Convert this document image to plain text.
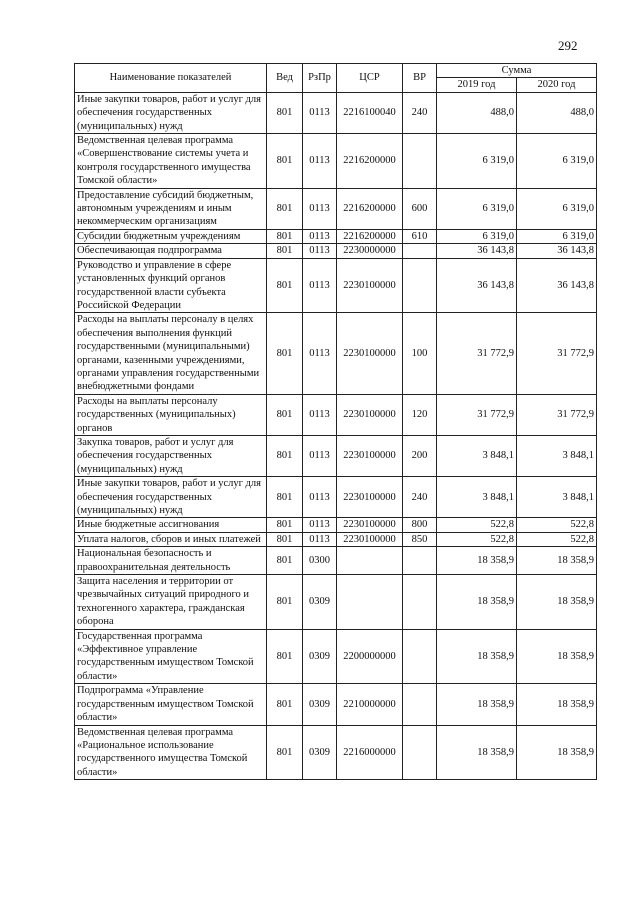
292
Наименование показателей	Вед	РзПр	ЦСР	ВР	Сумма	
					2019 год	2020 год
Иные закупки товаров, работ и услуг для обеспечения государственных (муниципальных) нужд	801	0113	2216100040	240	488,0	488,0
Ведомственная целевая программа «Совершенствование системы учета и контроля государственного имущества Томской области»	801	0113	2216200000		6 319,0	6 319,0
Предоставление субсидий бюджетным, автономным учреждениям и иным некоммерческим организациям	801	0113	2216200000	600	6 319,0	6 319,0
Субсидии бюджетным учреждениям	801	0113	2216200000	610	6 319,0	6 319,0
Обеспечивающая подпрограмма	801	0113	2230000000		36 143,8	36 143,8
Руководство и управление в сфере установленных функций органов государственной власти субъекта Российской Федерации	801	0113	2230100000		36 143,8	36 143,8
Расходы на выплаты персоналу в целях обеспечения выполнения функций государственными (муниципальными) органами, казенными учреждениями, органами управления государственными внебюджетными фондами	801	0113	2230100000	100	31 772,9	31 772,9
Расходы на выплаты персоналу государственных (муниципальных) органов	801	0113	2230100000	120	31 772,9	31 772,9
Закупка товаров, работ и услуг для обеспечения государственных (муниципальных) нужд	801	0113	2230100000	200	3 848,1	3 848,1
Иные закупки товаров, работ и услуг для обеспечения государственных (муниципальных) нужд	801	0113	2230100000	240	3 848,1	3 848,1
Иные бюджетные ассигнования	801	0113	2230100000	800	522,8	522,8
Уплата налогов, сборов и иных платежей	801	0113	2230100000	850	522,8	522,8
Национальная безопасность и правоохранительная деятельность	801	0300			18 358,9	18 358,9
Защита населения и территории от чрезвычайных ситуаций природного и техногенного характера, гражданская оборона	801	0309			18 358,9	18 358,9
Государственная программа «Эффективное управление государственным имуществом Томской области»	801	0309	2200000000		18 358,9	18 358,9
Подпрограмма «Управление государственным имуществом Томской области»	801	0309	2210000000		18 358,9	18 358,9
Ведомственная целевая программа «Рациональное использование государственного имущества Томской области»	801	0309	2216000000		18 358,9	18 358,9
